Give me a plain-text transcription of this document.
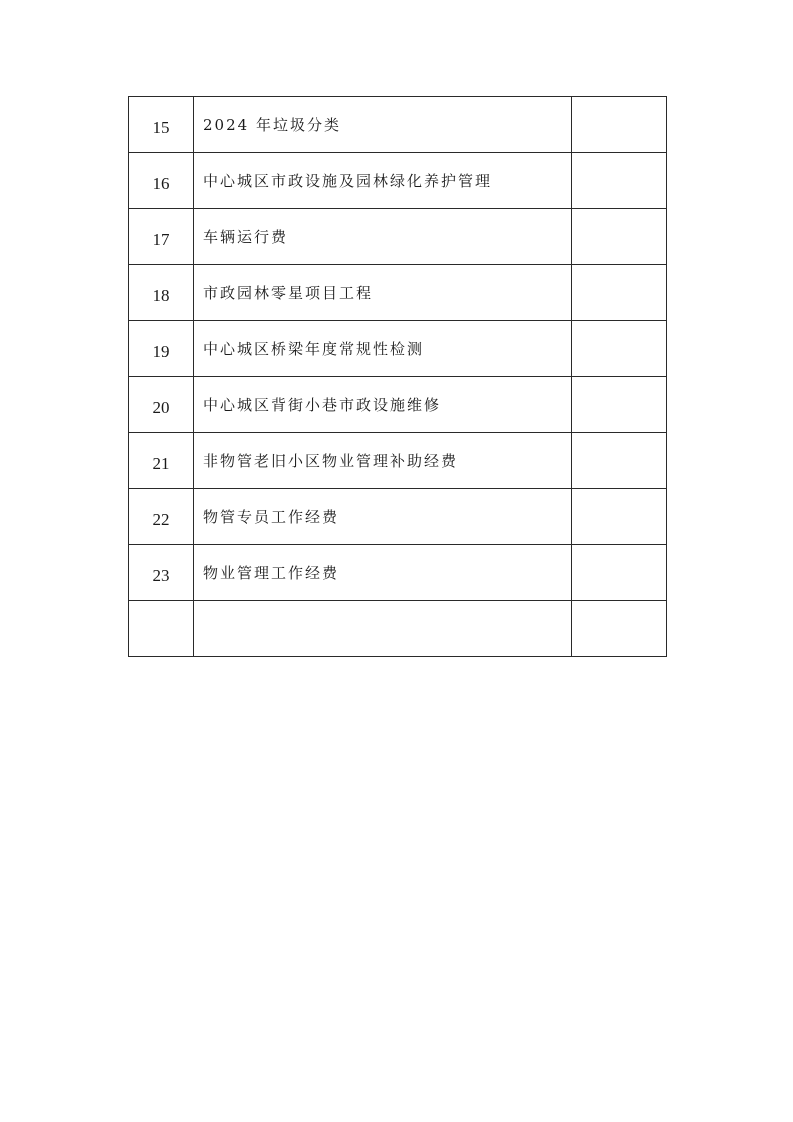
15	2024 年垃圾分类	
16	中心城区市政设施及园林绿化养护管理	
17	车辆运行费	
18	市政园林零星项目工程	
19	中心城区桥梁年度常规性检测	
20	中心城区背街小巷市政设施维修	
21	非物管老旧小区物业管理补助经费	
22	物管专员工作经费	
23	物业管理工作经费	
